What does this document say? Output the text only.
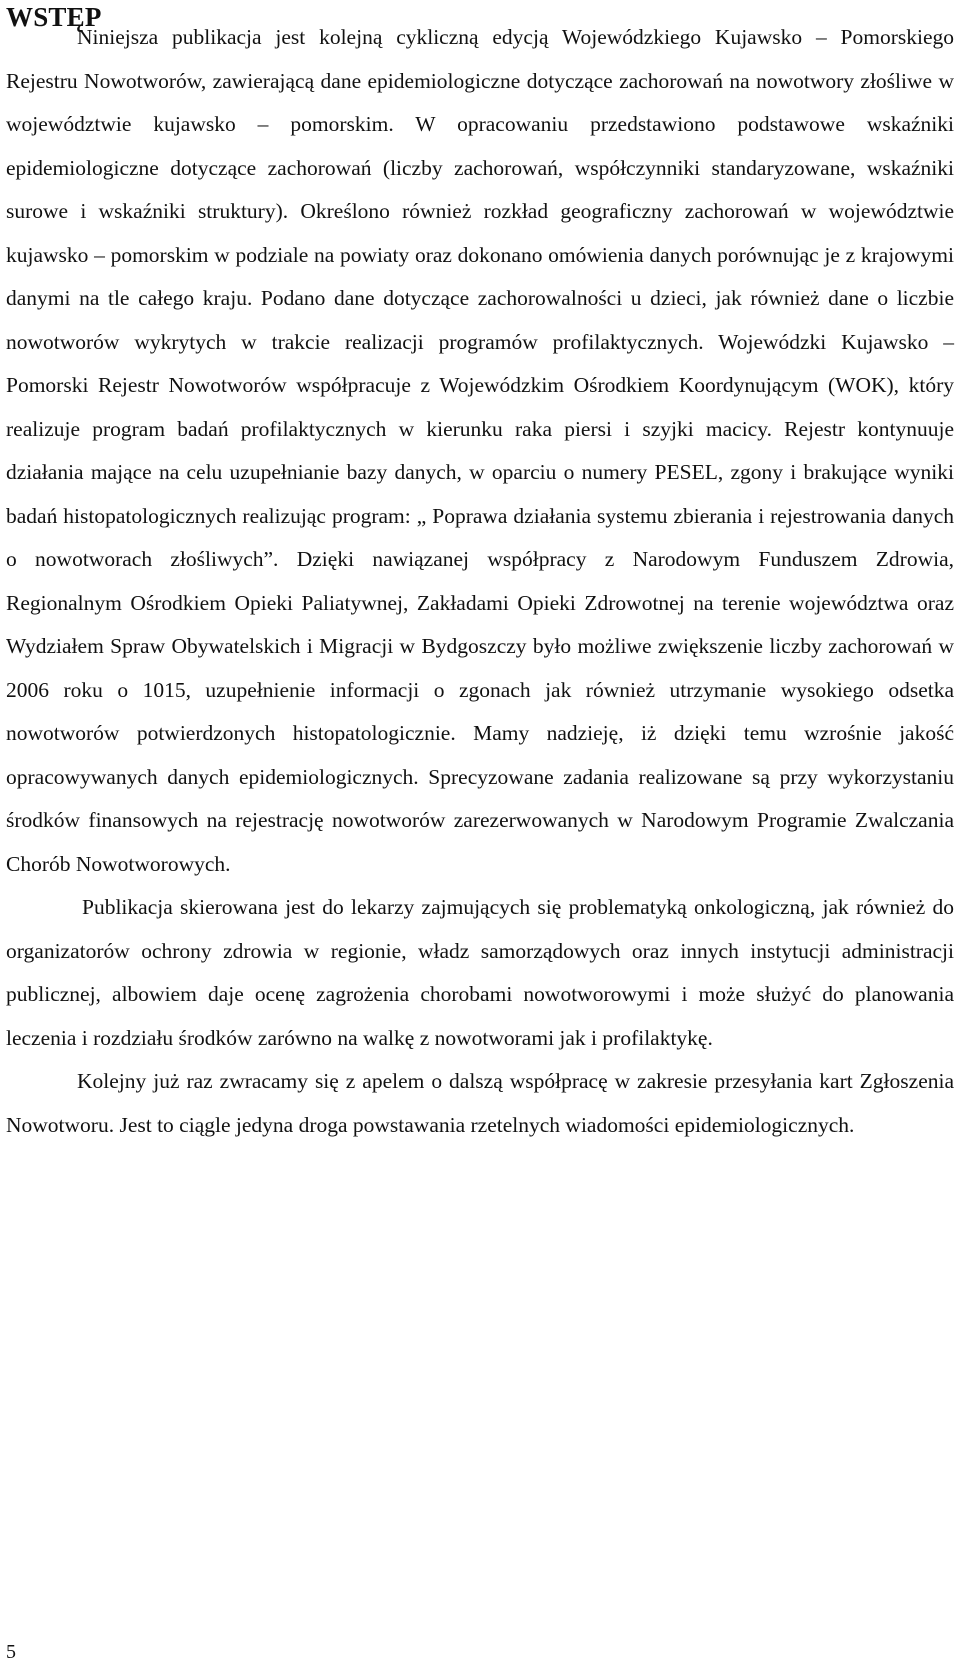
WSTĘP

Niniejsza publikacja jest kolejną cykliczną edycją Wojewódzkiego Kujawsko – Pomorskiego Rejestru Nowotworów, zawierającą dane epidemiologiczne dotyczące zachorowań na nowotwory złośliwe w województwie kujawsko – pomorskim. W opracowaniu przedstawiono podstawowe wskaźniki epidemiologiczne dotyczące zachorowań (liczby zachorowań, współczynniki standaryzowane, wskaźniki surowe i wskaźniki struktury). Określono również rozkład geograficzny zachorowań w województwie kujawsko – pomorskim w podziale na powiaty oraz dokonano omówienia danych porównując je z krajowymi danymi na tle całego kraju. Podano dane dotyczące zachorowalności u dzieci, jak również dane o liczbie nowotworów wykrytych w trakcie realizacji programów profilaktycznych. Wojewódzki Kujawsko – Pomorski Rejestr Nowotworów współpracuje z Wojewódzkim Ośrodkiem Koordynującym (WOK), który realizuje program badań profilaktycznych w kierunku raka piersi i szyjki macicy. Rejestr kontynuuje działania mające na celu uzupełnianie bazy danych, w oparciu o numery PESEL, zgony i brakujące wyniki badań histopatologicznych realizując program: „ Poprawa działania systemu zbierania i rejestrowania danych o nowotworach złośliwych”. Dzięki nawiązanej współpracy z Narodowym Funduszem Zdrowia, Regionalnym Ośrodkiem Opieki Paliatywnej, Zakładami Opieki Zdrowotnej na terenie województwa oraz Wydziałem Spraw Obywatelskich i Migracji w Bydgoszczy było możliwe zwiększenie liczby zachorowań w 2006 roku o 1015, uzupełnienie informacji o zgonach jak również utrzymanie wysokiego odsetka nowotworów potwierdzonych histopatologicznie. Mamy nadzieję, iż dzięki temu wzrośnie jakość opracowywanych danych epidemiologicznych. Sprecyzowane zadania realizowane są przy wykorzystaniu środków finansowych na rejestrację nowotworów zarezerwowanych w Narodowym Programie Zwalczania Chorób Nowotworowych.

Publikacja skierowana jest do lekarzy zajmujących się problematyką onkologiczną, jak również do organizatorów ochrony zdrowia w regionie, władz samorządowych oraz innych instytucji administracji publicznej, albowiem daje ocenę zagrożenia chorobami nowotworowymi i może służyć do planowania leczenia i rozdziału środków zarówno na walkę z nowotworami jak i profilaktykę.

Kolejny już raz zwracamy się z apelem o dalszą współpracę w zakresie przesyłania kart Zgłoszenia Nowotworu. Jest to ciągle jedyna droga powstawania rzetelnych wiadomości epidemiologicznych.

5
